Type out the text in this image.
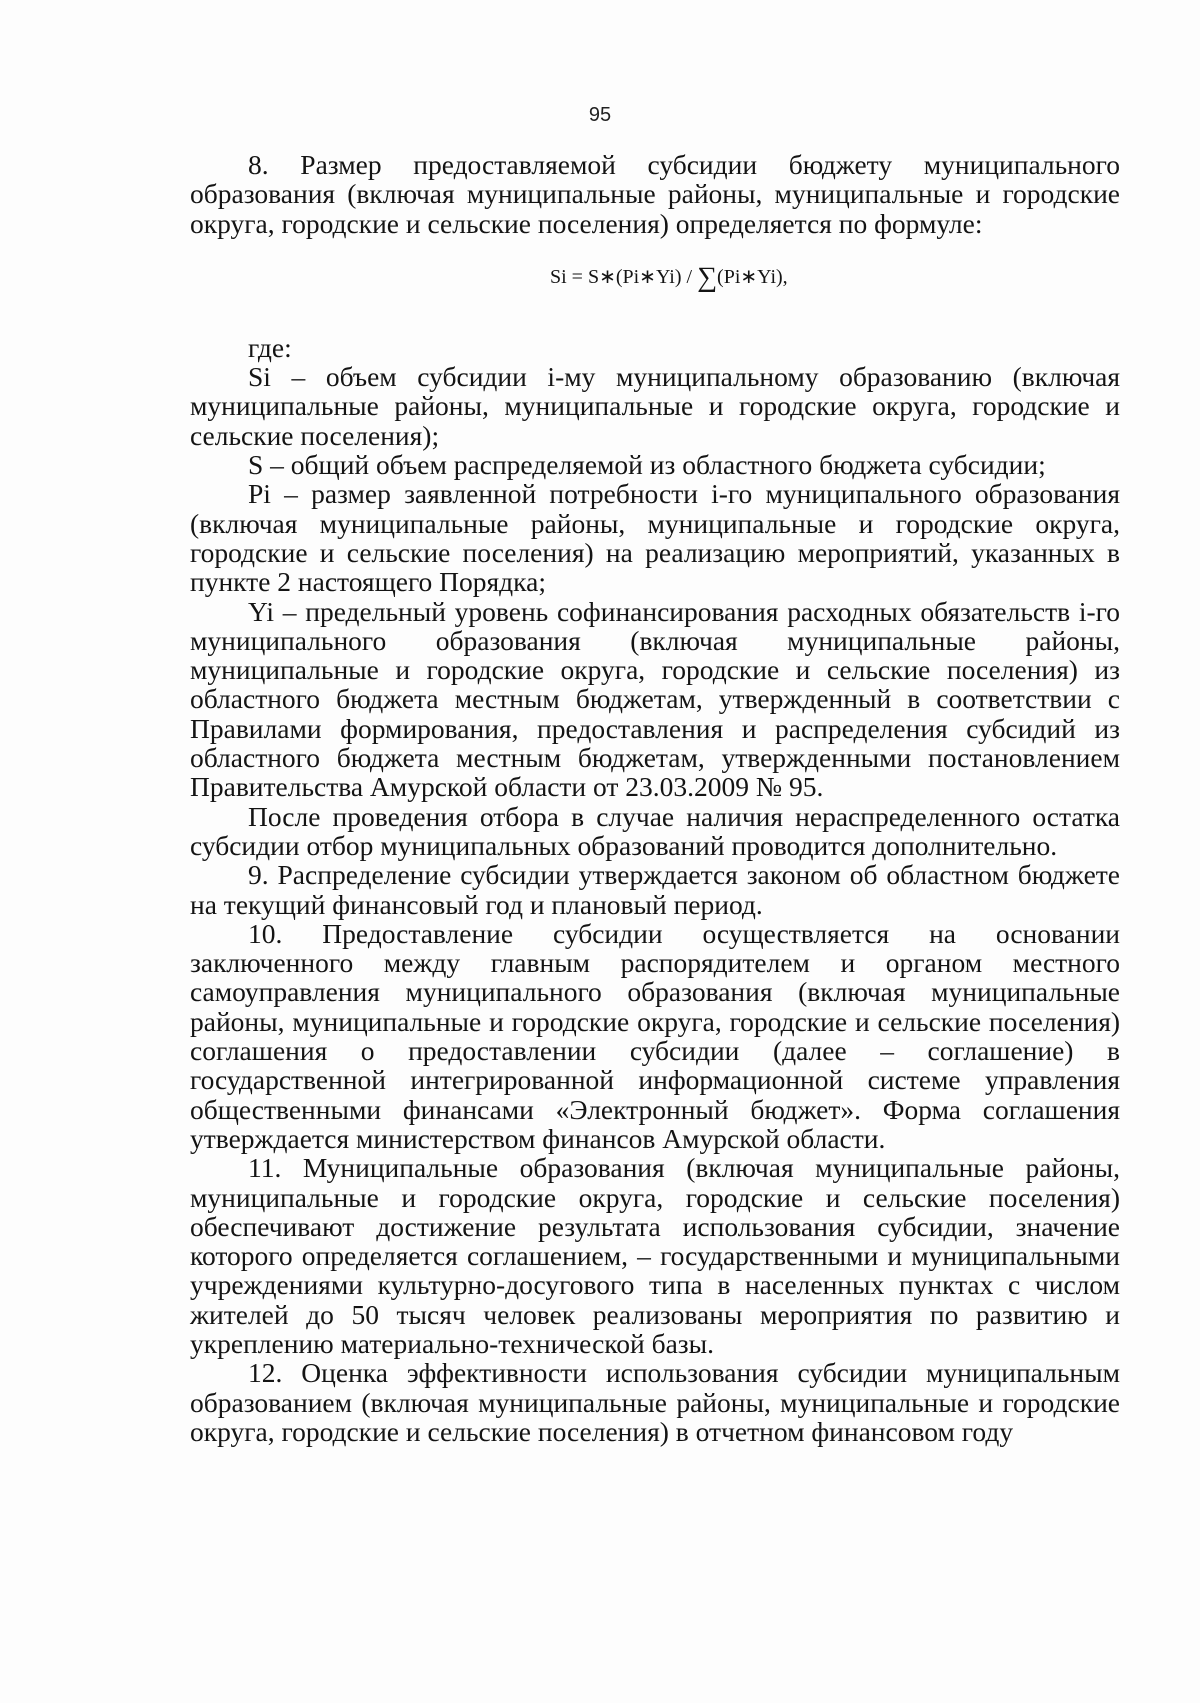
95

8. Размер предоставляемой субсидии бюджету муниципального образования (включая муниципальные районы, муниципальные и городские округа, городские и сельские поселения) определяется по формуле:

Si = S∗(Pi∗Yi) / ∑(Pi∗Yi),

где:

Si – объем субсидии i-му муниципальному образованию (включая муниципальные районы, муниципальные и городские округа, городские и сельские поселения);

S – общий объем распределяемой из областного бюджета субсидии;

Pi – размер заявленной потребности i-го муниципального образования (включая муниципальные районы, муниципальные и городские округа, городские и сельские поселения) на реализацию мероприятий, указанных в пункте 2 настоящего Порядка;

Yi – предельный уровень софинансирования расходных обязательств i-го муниципального образования (включая муниципальные районы, муниципальные и городские округа, городские и сельские поселения) из областного бюджета местным бюджетам, утвержденный в соответствии с Правилами формирования, предоставления и распределения субсидий из областного бюджета местным бюджетам, утвержденными постановлением Правительства Амурской области от 23.03.2009 № 95.

После проведения отбора в случае наличия нераспределенного остатка субсидии отбор муниципальных образований проводится дополнительно.

9. Распределение субсидии утверждается законом об областном бюджете на текущий финансовый год и плановый период.

10. Предоставление субсидии осуществляется на основании заключенного между главным распорядителем и органом местного самоуправления муниципального образования (включая муниципальные районы, муниципальные и городские округа, городские и сельские поселения) соглашения о предоставлении субсидии (далее – соглашение) в государственной интегрированной информационной системе управления общественными финансами «Электронный бюджет». Форма соглашения утверждается министерством финансов Амурской области.

11. Муниципальные образования (включая муниципальные районы, муниципальные и городские округа, городские и сельские поселения) обеспечивают достижение результата использования субсидии, значение которого определяется соглашением, – государственными и муниципальными учреждениями культурно-досугового типа в населенных пунктах с числом жителей до 50 тысяч человек реализованы мероприятия по развитию и укреплению материально-технической базы.

12. Оценка эффективности использования субсидии муниципальным образованием (включая муниципальные районы, муниципальные и городские округа, городские и сельские поселения) в отчетном финансовом году
